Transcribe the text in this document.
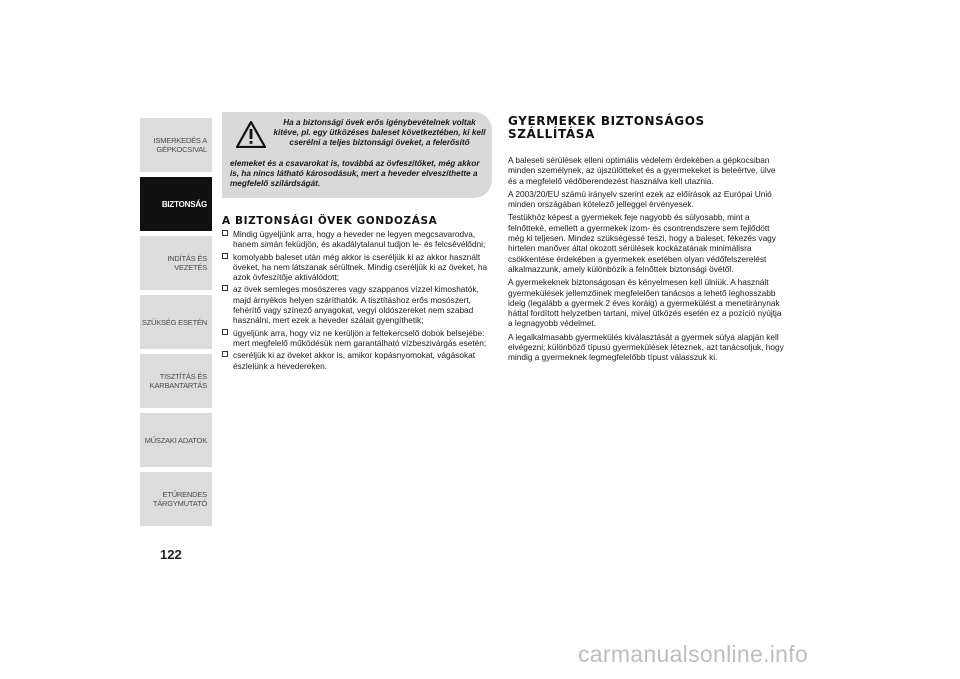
ISMERKEDÉS A GÉPKOCSIVAL
BIZTONSÁG
INDÍTÁS ÉS VEZETÉS
SZÜKSÉG ESETÉN
TISZTÍTÁS ÉS KARBANTARTÁS
MŰSZAKI ADATOK
ETŰRENDES TÁRGYMUTATÓ
122
Ha a biztonsági övek erős igénybevételnek voltak kitéve, pl. egy ütközéses baleset következtében, ki kell cserélni a teljes biztonsági öveket, a felerősítő
elemeket és a csavarokat is, továbbá az övfeszítőket, még akkor is, ha nincs látható károsodásuk, mert a heveder elveszíthette a megfelelő szilárdságát.
A BIZTONSÁGI ÖVEK GONDOZÁSA
Mindig ügyeljünk arra, hogy a heveder ne legyen megcsavarodva, hanem simán feküdjön, és akadálytalanul tudjon le- és felcsévélődni;
komolyabb baleset után még akkor is cseréljük ki az akkor használt öveket, ha nem látszanak sérültnek. Mindig cseréljük ki az öveket, ha azok övfeszítője aktiválódott;
az övek semleges mosószeres vagy szappanos vízzel kimoshatók, majd árnyékos helyen száríthatók. A tisztításhoz erős mosószert, fehérítő vagy színező anyagokat, vegyi oldószereket nem szabad használni, mert ezek a heveder szálait gyengíthetik;
ügyeljünk arra, hogy víz ne kerüljön a feltekercselő dobok belsejébe: mert megfelelő működésük nem garantálható vízbeszivárgás esetén;
cseréljük ki az öveket akkor is, amikor kopásnyomokat, vágásokat észlelünk a hevedereken.
GYERMEKEK BIZTONSÁGOS SZÁLLÍTÁSA

A baleseti sérülések elleni optimális védelem érdekében a gépkocsiban minden személynek, az újszülötteket és a gyermekeket is beleértve, ülve és a megfelelő védőberendezést használva kell utaznia.

A 2003/20/EU számú irányelv szerint ezek az előírások az Európai Unió minden országában kötelező jelleggel érvényesek.

Testükhöz képest a gyermekek feje nagyobb és súlyosabb, mint a felnőtteké, emellett a gyermekek izom- és csontrendszere sem fejlődött még ki teljesen. Mindez szükségessé teszi, hogy a baleset, fékezés vagy hirtelen manőver által okozott sérülések kockázatának minimálisra csökkentése érdekében a gyermekek esetében olyan védőfelszerelést alkalmazzunk, amely különbözik a felnőttek biztonsági övétől.

A gyermekeknek biztonságosan és kényelmesen kell ülniük. A használt gyermekülések jellemzőinek megfelelően tanácsos a lehető leghosszabb ideig (legalább a gyermek 2 éves koráig) a gyermekülést a menetiránynak háttal fordított helyzetben tartani, mivel ütközés esetén ez a pozíció nyújtja a legnagyobb védelmet.

A legalkalmasabb gyermekülés kiválasztását a gyermek súlya alapján kell elvégezni; különböző típusú gyermekülések léteznek, azt tanácsoljuk, hogy mindig a gyermeknek legmegfelelőbb típust válasszuk ki.

carmanualsonline.info
